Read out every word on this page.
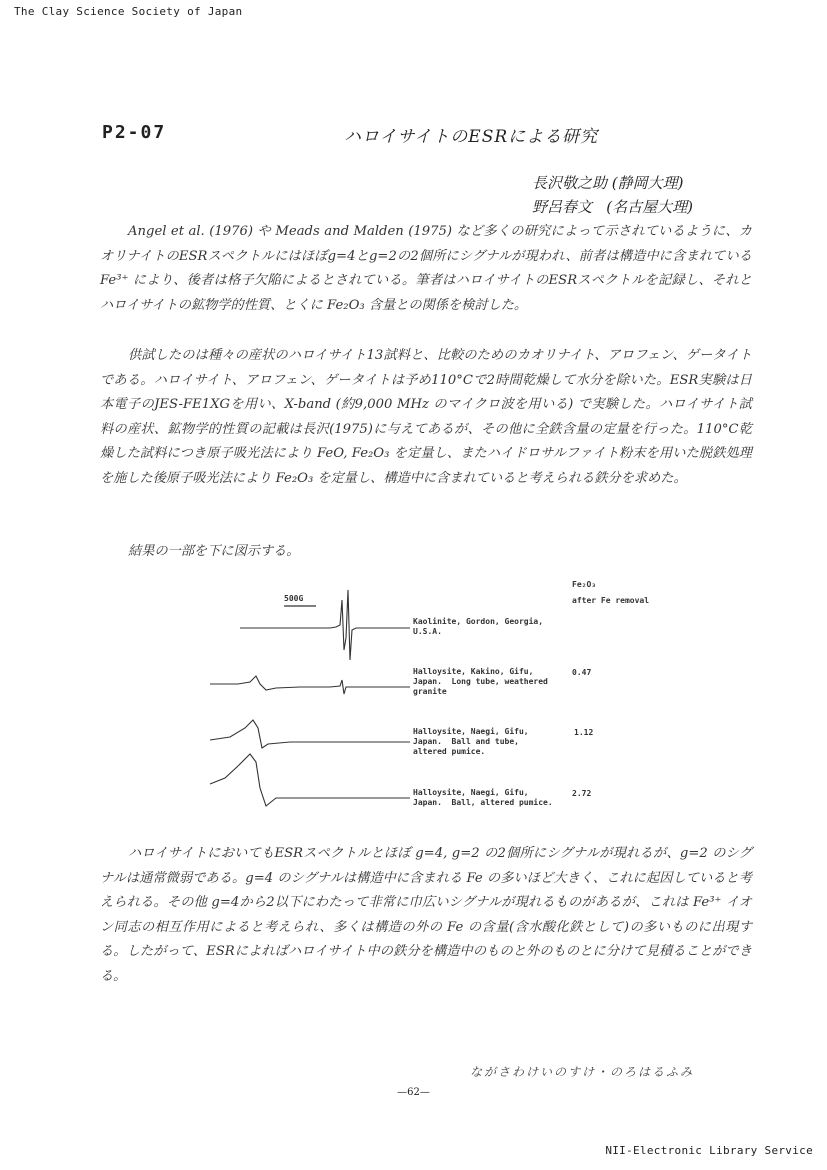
The Clay Science Society of Japan
P2-07	ハロイサイトのESRによる研究
長沢敬之助 (静岡大理)
野呂春文   (名古屋大理)
Angel et al. (1976) や Meads and Malden (1975) など多くの研究によって示されているように、カオリナイトのESRスペクトルにはほぼg=4とg=2の2個所にシグナルが現われ、前者は構造中に含まれている Fe³⁺ により、後者は格子欠陥によるとされている。筆者はハロイサイトのESRスペクトルを記録し、それとハロイサイトの鉱物学的性質、とくに Fe₂O₃ 含量との関係を検討した。
供試したのは種々の産状のハロイサイト13試料と、比較のためのカオリナイト、アロフェン、ゲータイトである。ハロイサイト、アロフェン、ゲータイトは予め110°Cで2時間乾燥して水分を除いた。ESR実験は日本電子のJES-FE1XGを用い、X-band (約9,000 MHz のマイクロ波を用いる) で実験した。ハロイサイト試料の産状、鉱物学的性質の記載は長沢(1975)に与えてあるが、その他に全鉄含量の定量を行った。110°C乾燥した試料につき原子吸光法により FeO, Fe₂O₃ を定量し、またハイドロサルファイト粉末を用いた脱鉄処理を施した後原子吸光法により Fe₂O₃ を定量し、構造中に含まれていると考えられる鉄分を求めた。
結果の一部を下に図示する。
500G
Fe₂O₃
after Fe removal
Kaolinite, Gordon, Georgia,
U.S.A.
Halloysite, Kakino, Gifu,
Japan.  Long tube, weathered
granite
0.47
Halloysite, Naegi, Gifu,
Japan.  Ball and tube,
altered pumice.
1.12
Halloysite, Naegi, Gifu,
Japan.  Ball, altered pumice.
2.72
ハロイサイトにおいてもESRスペクトルとほぼ g=4, g=2 の2個所にシグナルが現れるが、g=2 のシグナルは通常微弱である。g=4 のシグナルは構造中に含まれる Fe の多いほど大きく、これに起因していると考えられる。その他 g=4から2以下にわたって非常に巾広いシグナルが現れるものがあるが、これは Fe³⁺ イオン同志の相互作用によると考えられ、多くは構造の外の Fe の含量(含水酸化鉄として)の多いものに出現する。したがって、ESRによればハロイサイト中の鉄分を構造中のものと外のものとに分けて見積ることができる。
ながさわけいのすけ・のろはるふみ
—62—
NII-Electronic Library Service
